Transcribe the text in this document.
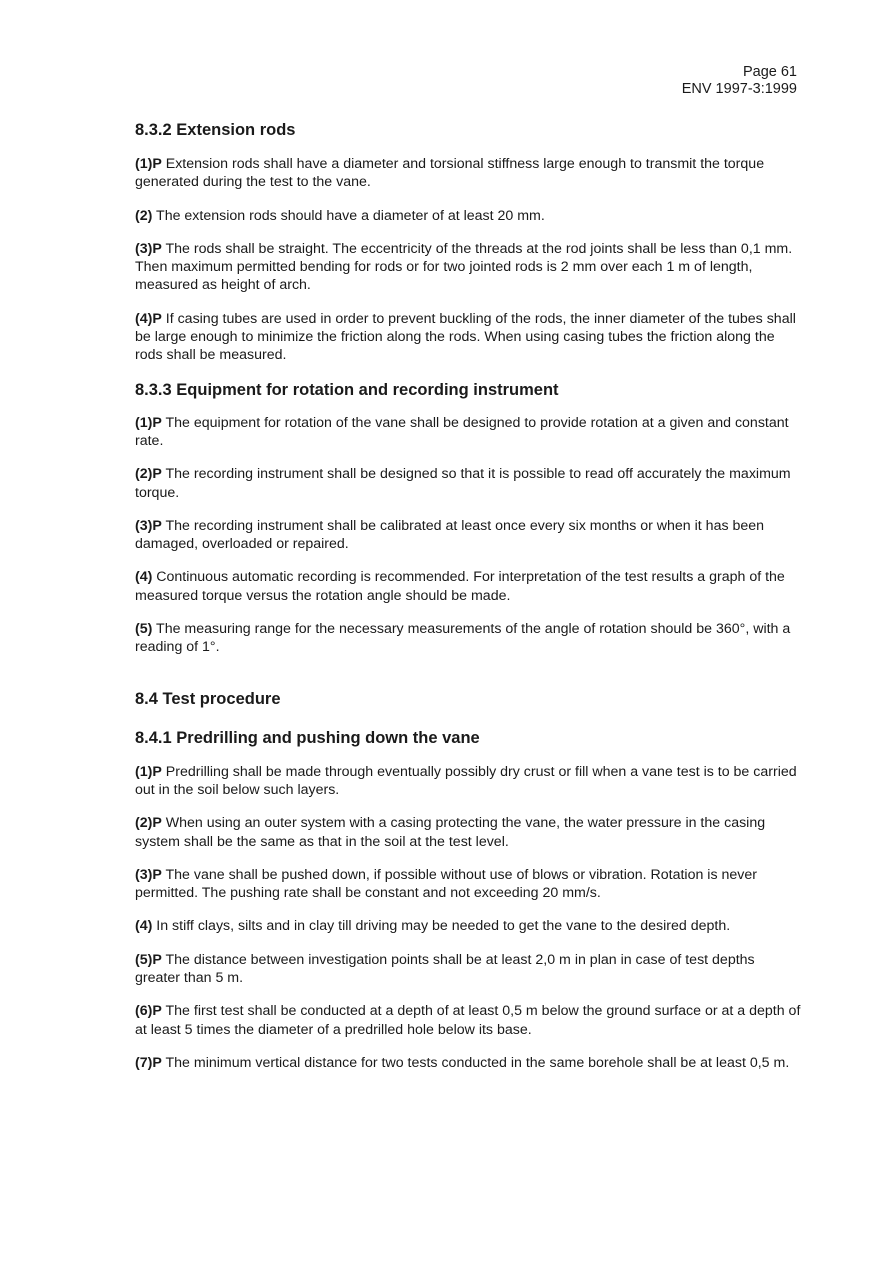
Page 61
ENV 1997-3:1999
8.3.2 Extension rods

(1)P Extension rods shall have a diameter and torsional stiffness large enough to transmit the torque generated during the test to the vane.

(2) The extension rods should have a diameter of at least 20 mm.

(3)P The rods shall be straight. The eccentricity of the threads at the rod joints shall be less than 0,1 mm. Then maximum permitted bending for rods or for two jointed rods is 2 mm over each 1 m of length, measured as height of arch.

(4)P If casing tubes are used in order to prevent buckling of the rods, the inner diameter of the tubes shall be large enough to minimize the friction along the rods. When using casing tubes the friction along the rods shall be measured.

8.3.3 Equipment for rotation and recording instrument

(1)P The equipment for rotation of the vane shall be designed to provide rotation at a given and constant rate.

(2)P The recording instrument shall be designed so that it is possible to read off accurately the maximum torque.

(3)P The recording instrument shall be calibrated at least once every six months or when it has been damaged, overloaded or repaired.

(4) Continuous automatic recording is recommended. For interpretation of the test results a graph of the measured torque versus the rotation angle should be made.

(5) The measuring range for the necessary measurements of the angle of rotation should be 360°, with a reading of 1°.

8.4 Test procedure
8.4.1 Predrilling and pushing down the vane

(1)P Predrilling shall be made through eventually possibly dry crust or fill when a vane test is to be carried out in the soil below such layers.

(2)P When using an outer system with a casing protecting the vane, the water pressure in the casing system shall be the same as that in the soil at the test level.

(3)P The vane shall be pushed down, if possible without use of blows or vibration. Rotation is never permitted. The pushing rate shall be constant and not exceeding 20 mm/s.

(4) In stiff clays, silts and in clay till driving may be needed to get the vane to the desired depth.

(5)P The distance between investigation points shall be at least 2,0 m in plan in case of test depths greater than 5 m.

(6)P The first test shall be conducted at a depth of at least 0,5 m below the ground surface or at a depth of at least 5 times the diameter of a predrilled hole below its base.

(7)P The minimum vertical distance for two tests conducted in the same borehole shall be at least 0,5 m.
